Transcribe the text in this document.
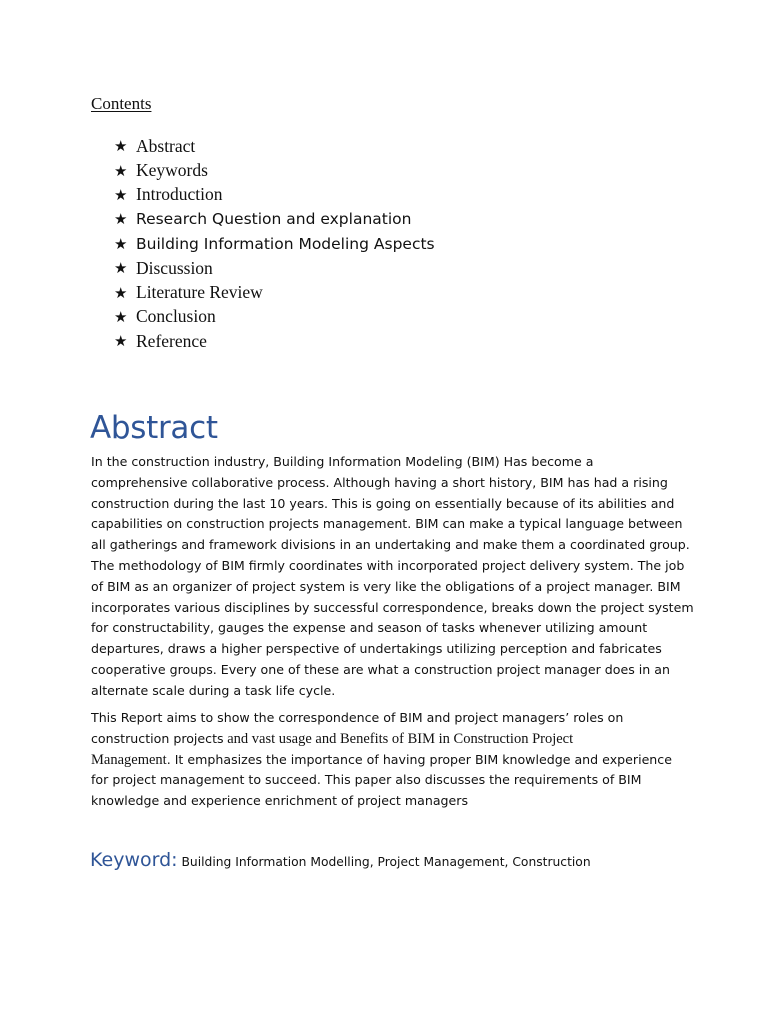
Contents
★ Abstract
★ Keywords
★ Introduction
★ Research Question and explanation
★ Building Information Modeling Aspects
★ Discussion
★ Literature Review
★ Conclusion
★ Reference
Abstract

In the construction industry, Building Information Modeling (BIM) Has become a
comprehensive collaborative process. Although having a short history, BIM has had a rising
construction during the last 10 years. This is going on essentially because of its abilities and
capabilities on construction projects management. BIM can make a typical language between
all gatherings and framework divisions in an undertaking and make them a coordinated group.
The methodology of BIM firmly coordinates with incorporated project delivery system. The job
of BIM as an organizer of project system is very like the obligations of a project manager. BIM
incorporates various disciplines by successful correspondence, breaks down the project system
for constructability, gauges the expense and season of tasks whenever utilizing amount
departures, draws a higher perspective of undertakings utilizing perception and fabricates
cooperative groups. Every one of these are what a construction project manager does in an
alternate scale during a task life cycle.

This Report aims to show the correspondence of BIM and project managers’ roles on
construction projects and vast usage and Benefits of BIM in Construction Project
Management. It emphasizes the importance of having proper BIM knowledge and experience
for project management to succeed. This paper also discusses the requirements of BIM
knowledge and experience enrichment of project managers

Keyword: Building Information Modelling, Project Management, Construction
